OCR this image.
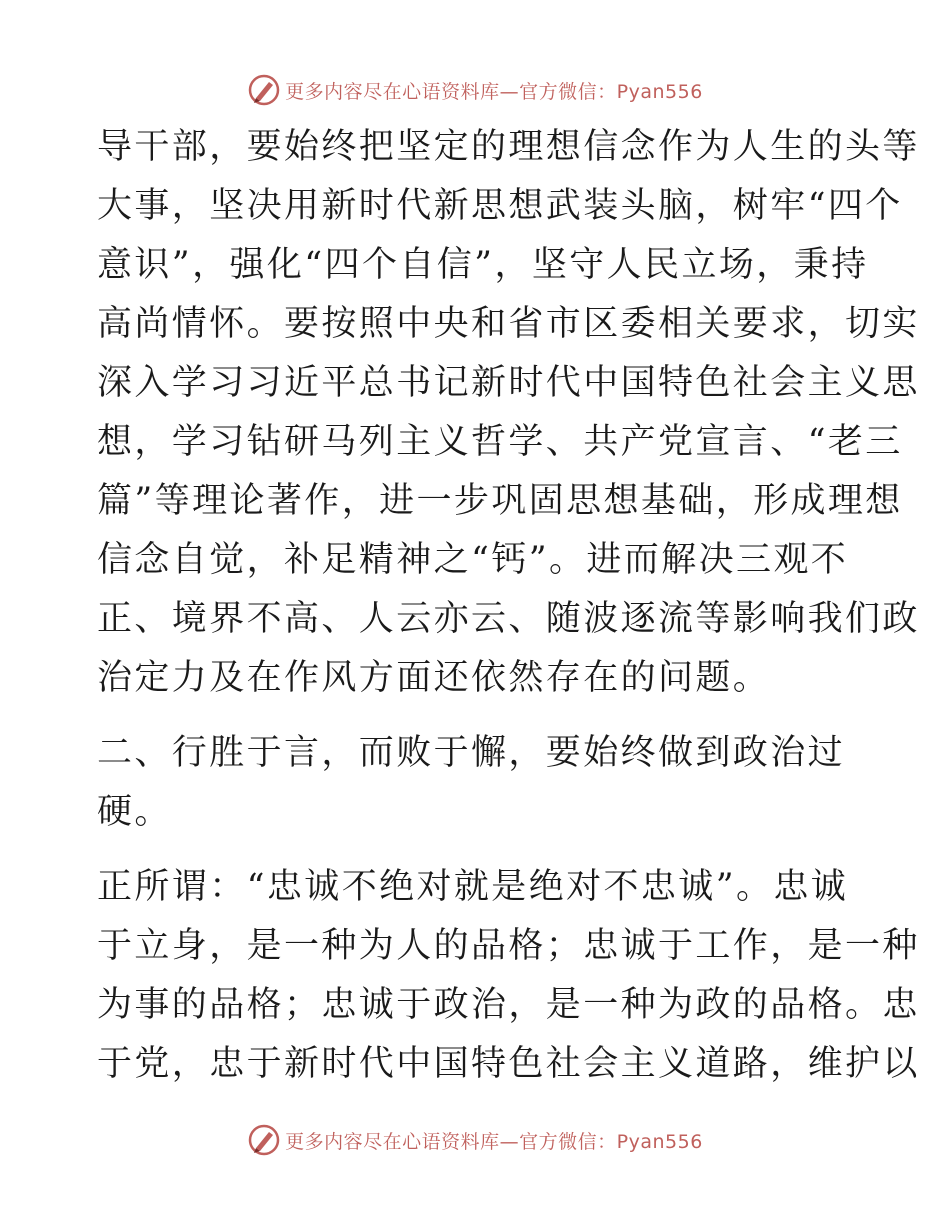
更多内容尽在心语资料库—官方微信：Pyan556
导干部，要始终把坚定的理想信念作为人生的头等
大事，坚决用新时代新思想武装头脑，树牢“四个
意识”，强化“四个自信”，坚守人民立场，秉持
高尚情怀。要按照中央和省市区委相关要求，切实
深入学习习近平总书记新时代中国特色社会主义思
想，学习钻研马列主义哲学、共产党宣言、“老三
篇”等理论著作，进一步巩固思想基础，形成理想
信念自觉，补足精神之“钙”。进而解决三观不
正、境界不高、人云亦云、随波逐流等影响我们政
治定力及在作风方面还依然存在的问题。
二、行胜于言，而败于懈，要始终做到政治过
硬。
正所谓：“忠诚不绝对就是绝对不忠诚”。忠诚
于立身，是一种为人的品格；忠诚于工作，是一种
为事的品格；忠诚于政治，是一种为政的品格。忠
于党，忠于新时代中国特色社会主义道路，维护以
更多内容尽在心语资料库—官方微信：Pyan556
